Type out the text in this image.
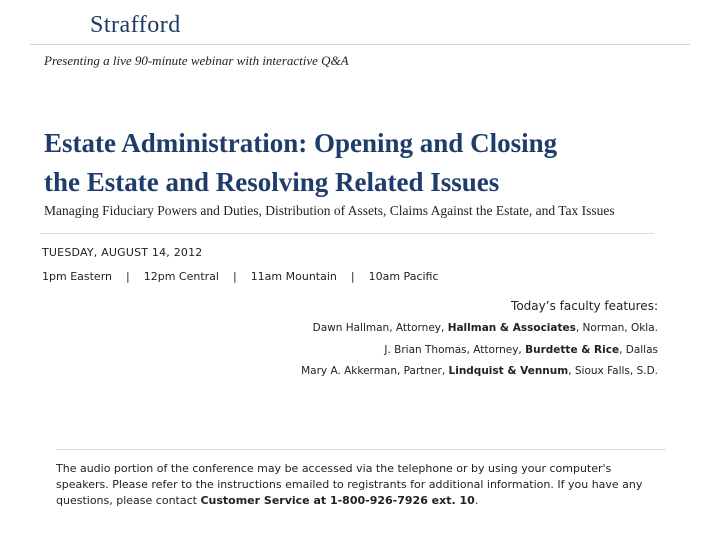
Strafford
Presenting a live 90-minute webinar with interactive Q&A
Estate Administration: Opening and Closing
the Estate and Resolving Related Issues
Managing Fiduciary Powers and Duties, Distribution of Assets, Claims Against the Estate, and Tax Issues
TUESDAY, AUGUST 14, 2012
1pm Eastern | 12pm Central | 11am Mountain | 10am Pacific
Today’s faculty features:
Dawn Hallman, Attorney, Hallman & Associates, Norman, Okla.
J. Brian Thomas, Attorney, Burdette & Rice, Dallas
Mary A. Akkerman, Partner, Lindquist & Vennum, Sioux Falls, S.D.
The audio portion of the conference may be accessed via the telephone or by using your computer's speakers. Please refer to the instructions emailed to registrants for additional information. If you have any questions, please contact Customer Service at 1-800-926-7926 ext. 10.
